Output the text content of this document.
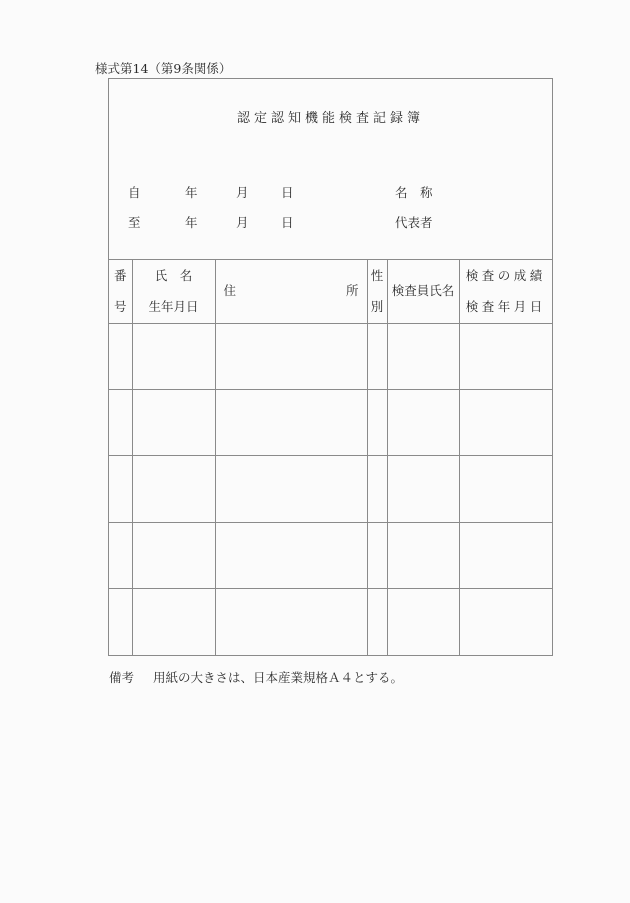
様式第14（第9条関係）
認定認知機能検査記録簿
自	年	月	日	名　称
至	年	月	日	代表者
番
号

氏　名
生年月日

住	所

性
別

検査員氏名

検査の成績
検査年月日

備考 用紙の大きさは、日本産業規格Ａ４とする。
